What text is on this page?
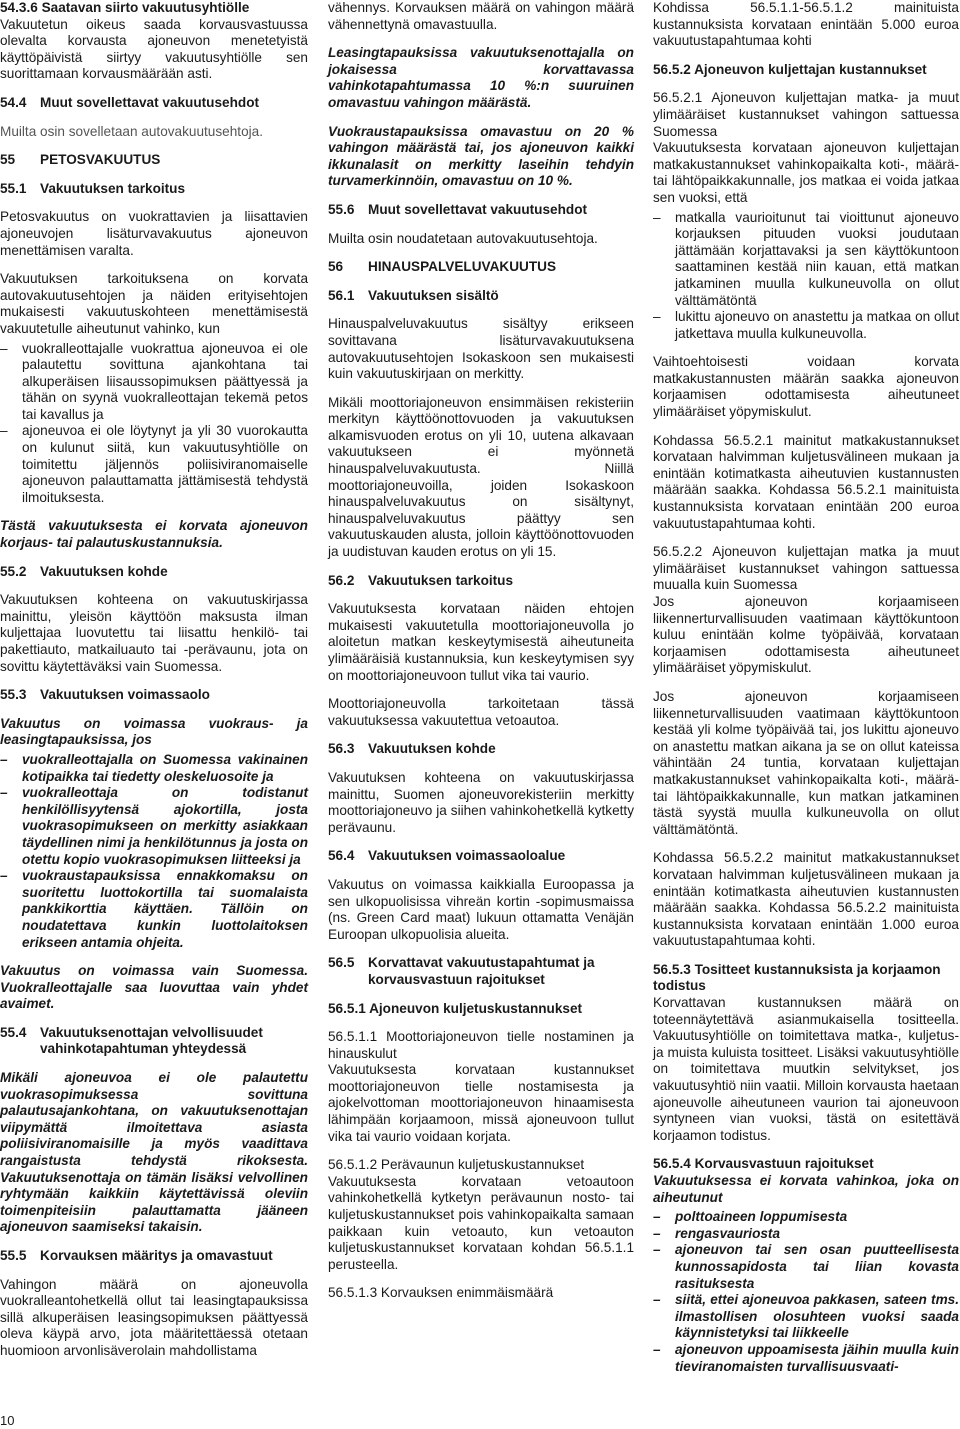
54.3.6 Saatavan siirto vakuutusyhtiölle
Vakuutetun oikeus saada korvausvastuussa olevalta korvausta ajoneuvon menetetyistä käyttöpäivistä siirtyy vakuutusyhtiölle sen suorittamaan korvausmäärään asti.
54.4 Muut sovellettavat vakuutusehdot
Muilta osin sovelletaan autovakuutusehtoja.
55 PETOSVAKUUTUS
55.1 Vakuutuksen tarkoitus
Petosvakuutus on vuokrattavien ja liisattavien ajoneuvojen lisäturvavakuutus ajoneuvon menettämisen varalta.
Vakuutuksen tarkoituksena on korvata autovakuutusehtojen ja näiden erityisehtojen mukaisesti vakuutuskohteen menettämisestä vakuutetulle aiheutunut vahinko, kun
– vuokralleottajalle vuokrattua ajoneuvoa ei ole palautettu sovittuna ajankohtana tai alkuperäisen liisaussopimuksen päättyessä ja tähän on syynä vuokralleottajan tekemä petos tai kavallus ja
– ajoneuvoa ei ole löytynyt ja yli 30 vuorokautta on kulunut siitä, kun vakuutusyhtiölle on toimitettu jäljennös poliisiviranomaiselle ajoneuvon palauttamatta jättämisestä tehdystä ilmoituksesta.
Tästä vakuutuksesta ei korvata ajoneuvon korjaus- tai palautuskustannuksia.
55.2 Vakuutuksen kohde
Vakuutuksen kohteena on vakuutuskirjassa mainittu, yleisön käyttöön maksusta ilman kuljettajaa luovutettu tai liisattu henkilö- tai pakettiauto, matkailuauto tai -perävaunu, jota on sovittu käytettäväksi vain Suomessa.
55.3 Vakuutuksen voimassaolo
Vakuutus on voimassa vuokraus- ja leasingtapauksissa, jos
– vuokralleottajalla on Suomessa vakinainen kotipaikka tai tiedetty oleskeluosoite ja
– vuokralleottaja on todistanut henkilöllisyytensä ajokortilla, josta vuokrasopimukseen on merkitty asiakkaan täydellinen nimi ja henkilötunnus ja josta on otettu kopio vuokrasopimuksen liitteeksi ja
– vuokraustapauksissa ennakkomaksu on suoritettu luottokortilla tai suomalaista pankkikorttia käyttäen. Tällöin on noudatettava kunkin luottolaitoksen erikseen antamia ohjeita.
Vakuutus on voimassa vain Suomessa. Vuokralleottajalle saa luovuttaa vain yhdet avaimet.
55.4 Vakuutuksenottajan velvollisuudet vahinkotapahtuman yhteydessä
Mikäli ajoneuvoa ei ole palautettu vuokrasopimuksessa sovittuna palautusajankohtana, on vakuutuksenottajan viipymättä ilmoitettava asiasta poliisiviranomaisille ja myös vaadittava rangaistusta tehdystä rikoksesta. Vakuutuksenottaja on tämän lisäksi velvollinen ryhtymään kaikkiin käytettävissä oleviin toimenpiteisiin palauttamatta jääneen ajoneuvon saamiseksi takaisin.
55.5 Korvauksen määritys ja omavastuut
Vahingon määrä on ajoneuvolla vuokralleantohetkellä ollut tai leasingtapauksissa sillä alkuperäisen leasingsopimuksen päättyessä oleva käypä arvo, jota määritettäessä otetaan huomioon arvonlisäverolain mahdollistama
vähennys. Korvauksen määrä on vahingon määrä vähennettynä omavastuulla.
Leasingtapauksissa vakuutuksenottajalla on jokaisessa korvattavassa vahinkotapahtumassa 10 %:n suuruinen omavastuu vahingon määrästä.
Vuokraustapauksissa omavastuu on 20 % vahingon määrästä tai, jos ajoneuvon kaikki ikkunalasit on merkitty laseihin tehdyin turvamerkinnöin, omavastuu on 10 %.
55.6 Muut sovellettavat vakuutusehdot
Muilta osin noudatetaan autovakuutusehtoja.
56 HINAUSPALVELUVAKUUTUS
56.1 Vakuutuksen sisältö
Hinauspalveluvakuutus sisältyy erikseen sovittavana lisäturvavakuutuksena autovakuutusehtojen Isokaskoon sen mukaisesti kuin vakuutuskirjaan on merkitty.
Mikäli moottoriajoneuvon ensimmäisen rekisteriin merkityn käyttöönottovuoden ja vakuutuksen alkamisvuoden erotus on yli 10, uutena alkavaan vakuutukseen ei myönnetä hinauspalveluvakuutusta. Niillä moottoriajoneuvoilla, joiden Isokaskoon hinauspalveluvakuutus on sisältynyt, hinauspalveluvakuutus päättyy sen vakuutuskauden alusta, jolloin käyttöönottovuoden ja uudistuvan kauden erotus on yli 15.
56.2 Vakuutuksen tarkoitus
Vakuutuksesta korvataan näiden ehtojen mukaisesti vakuutetulla moottoriajoneuvolla jo aloitetun matkan keskeytymisestä aiheutuneita ylimääräisiä kustannuksia, kun keskeytymisen syy on moottoriajoneuvoon tullut vika tai vaurio.
Moottoriajoneuvolla tarkoitetaan tässä vakuutuksessa vakuutettua vetoautoa.
56.3 Vakuutuksen kohde
Vakuutuksen kohteena on vakuutuskirjassa mainittu, Suomen ajoneuvorekisteriin merkitty moottoriajoneuvo ja siihen vahinkohetkellä kytketty perävaunu.
56.4 Vakuutuksen voimassaoloalue
Vakuutus on voimassa kaikkialla Euroopassa ja sen ulkopuolisissa vihreän kortin -sopimusmaissa (ns. Green Card maat) lukuun ottamatta Venäjän Euroopan ulkopuolisia alueita.
56.5 Korvattavat vakuutustapahtumat ja korvausvastuun rajoitukset
56.5.1 Ajoneuvon kuljetuskustannukset
56.5.1.1 Moottoriajoneuvon tielle nostaminen ja hinauskulut
Vakuutuksesta korvataan kustannukset moottoriajoneuvon tielle nostamisesta ja ajokelvottoman moottoriajoneuvon hinaamisesta lähimpään korjaamoon, missä ajoneuvoon tullut vika tai vaurio voidaan korjata.
56.5.1.2 Perävaunun kuljetuskustannukset
Vakuutuksesta korvataan vetoautoon vahinkohetkellä kytketyn perävaunun nosto- tai kuljetuskustannukset pois vahinkopaikalta samaan paikkaan kuin vetoauto, kun vetoauton kuljetuskustannukset korvataan kohdan 56.5.1.1 perusteella.
56.5.1.3 Korvauksen enimmäismäärä
Kohdissa 56.5.1.1-56.5.1.2 mainituista kustannuksista korvataan enintään 5.000 euroa vakuutustapahtumaa kohti
56.5.2 Ajoneuvon kuljettajan kustannukset
56.5.2.1 Ajoneuvon kuljettajan matka- ja muut ylimääräiset kustannukset vahingon sattuessa Suomessa
Vakuutuksesta korvataan ajoneuvon kuljettajan matkakustannukset vahinkopaikalta koti-, määrä- tai lähtöpaikkakunnalle, jos matkaa ei voida jatkaa sen vuoksi, että
– matkalla vaurioitunut tai vioittunut ajoneuvo korjauksen pituuden vuoksi joudutaan jättämään korjattavaksi ja sen käyttökuntoon saattaminen kestää niin kauan, että matkan jatkaminen muulla kulkuneuvolla on ollut välttämätöntä
– lukittu ajoneuvo on anastettu ja matkaa on ollut jatkettava muulla kulkuneuvolla.
Vaihtoehtoisesti voidaan korvata matkakustannusten määrän saakka ajoneuvon korjaamisen odottamisesta aiheutuneet ylimääräiset yöpymiskulut.
Kohdassa 56.5.2.1 mainitut matkakustannukset korvataan halvimman kuljetusvälineen mukaan ja enintään kotimatkasta aiheutuvien kustannusten määrään saakka. Kohdassa 56.5.2.1 mainituista kustannuksista korvataan enintään 200 euroa vakuutustapahtumaa kohti.
56.5.2.2 Ajoneuvon kuljettajan matka ja muut ylimääräiset kustannukset vahingon sattuessa muualla kuin Suomessa
Jos ajoneuvon korjaamiseen liikennerturvallisuuden vaatimaan käyttökuntoon kuluu enintään kolme työpäivää, korvataan korjaamisen odottamisesta aiheutuneet ylimääräiset yöpymiskulut.
Jos ajoneuvon korjaamiseen liikenneturvallisuuden vaatimaan käyttökuntoon kestää yli kolme työpäivää tai, jos lukittu ajoneuvo on anastettu matkan aikana ja se on ollut kateissa vähintään 24 tuntia, korvataan kuljettajan matkakustannukset vahinkopaikalta koti-, määrä- tai lähtöpaikkakunnalle, kun matkan jatkaminen tästä syystä muulla kulkuneuvolla on ollut välttämätöntä.
Kohdassa 56.5.2.2 mainitut matkakustannukset korvataan halvimman kuljetusvälineen mukaan ja enintään kotimatkasta aiheutuvien kustannusten määrään saakka. Kohdassa 56.5.2.2 mainituista kustannuksista korvataan enintään 1.000 euroa vakuutustapahtumaa kohti.
56.5.3 Tositteet kustannuksista ja korjaamon todistus
Korvattavan kustannuksen määrä on toteennäytettävä asianmukaisella tositteella. Vakuutusyhtiölle on toimitettava matka-, kuljetus- ja muista kuluista tositteet. Lisäksi vakuutusyhtiölle on toimitettava muutkin selvitykset, jos vakuutusyhtiö niin vaatii. Milloin korvausta haetaan ajoneuvolle aiheutuneen vaurion tai ajoneuvoon syntyneen vian vuoksi, tästä on esitettävä korjaamon todistus.
56.5.4 Korvausvastuun rajoitukset
Vakuutuksessa ei korvata vahinkoa, joka on aiheutunut
– polttoaineen loppumisesta
– rengasvauriosta
– ajoneuvon tai sen osan puutteellisesta kunnossapidosta tai liian kovasta rasituksesta
– siitä, ettei ajoneuvoa pakkasen, sateen tms. ilmastollisen olosuhteen vuoksi saada käynnistetyksi tai liikkeelle
– ajoneuvon uppoamisesta jäihin muulla kuin tieviranomaisten turvallisuusvaati-
10
